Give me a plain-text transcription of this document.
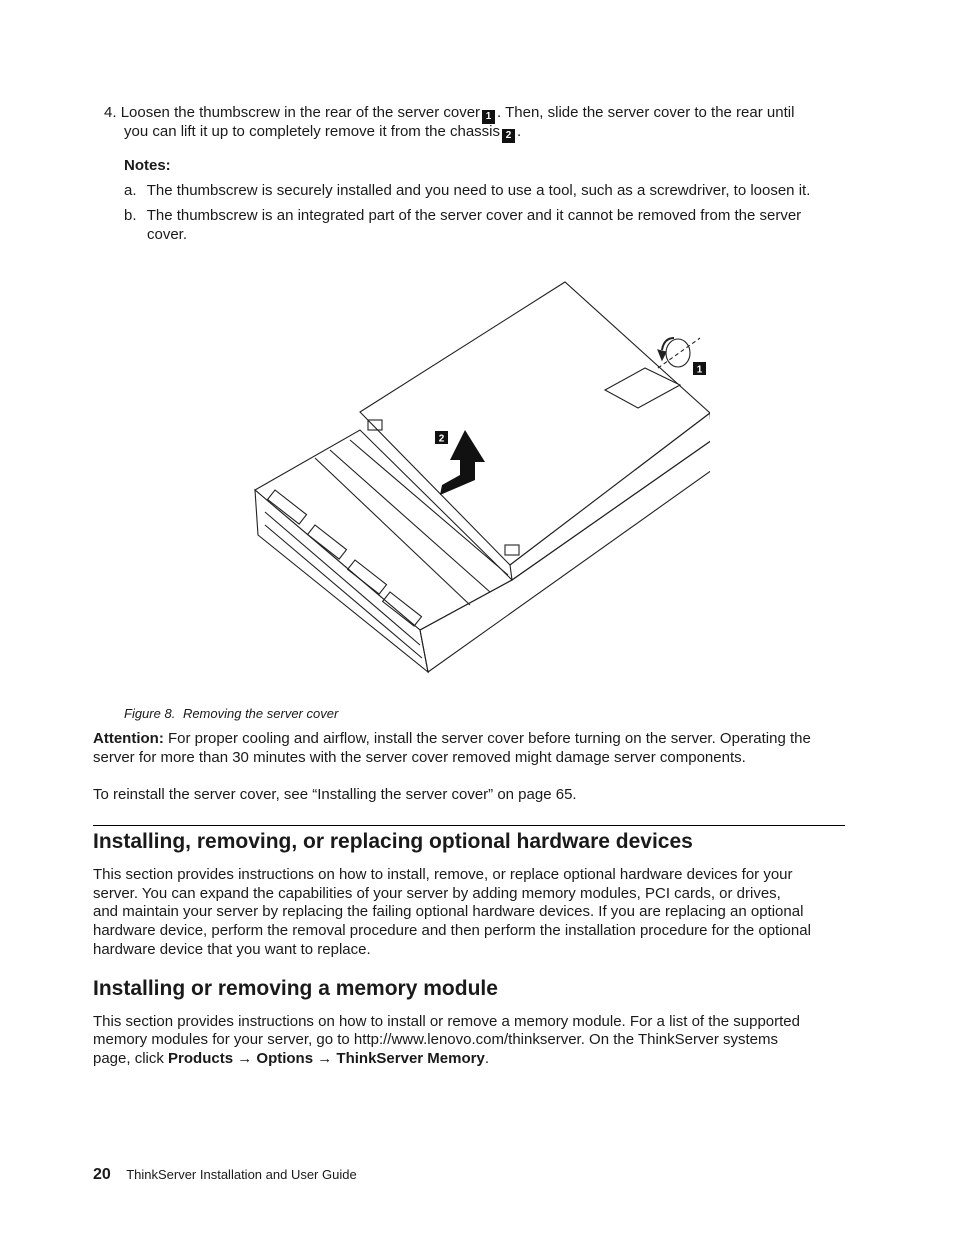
4. Loosen the thumbscrew in the rear of the server cover 1 . Then, slide the server cover to the rear until

you can lift it up to completely remove it from the chassis 2 .

Notes:

a. The thumbscrew is securely installed and you need to use a tool, such as a screwdriver, to loosen it.

b. The thumbscrew is an integrated part of the server cover and it cannot be removed from the server

cover.

1
2

Figure 8. Removing the server cover

Attention: For proper cooling and airflow, install the server cover before turning on the server. Operating the

server for more than 30 minutes with the server cover removed might damage server components.

To reinstall the server cover, see “Installing the server cover” on page 65.

Installing, removing, or replacing optional hardware devices

This section provides instructions on how to install, remove, or replace optional hardware devices for your

server. You can expand the capabilities of your server by adding memory modules, PCI cards, or drives,

and maintain your server by replacing the failing optional hardware devices. If you are replacing an optional

hardware device, perform the removal procedure and then perform the installation procedure for the optional

hardware device that you want to replace.

Installing or removing a memory module

This section provides instructions on how to install or remove a memory module. For a list of the supported

memory modules for your server, go to http://www.lenovo.com/thinkserver. On the ThinkServer systems

page, click Products → Options → ThinkServer Memory.

20 ThinkServer Installation and User Guide
